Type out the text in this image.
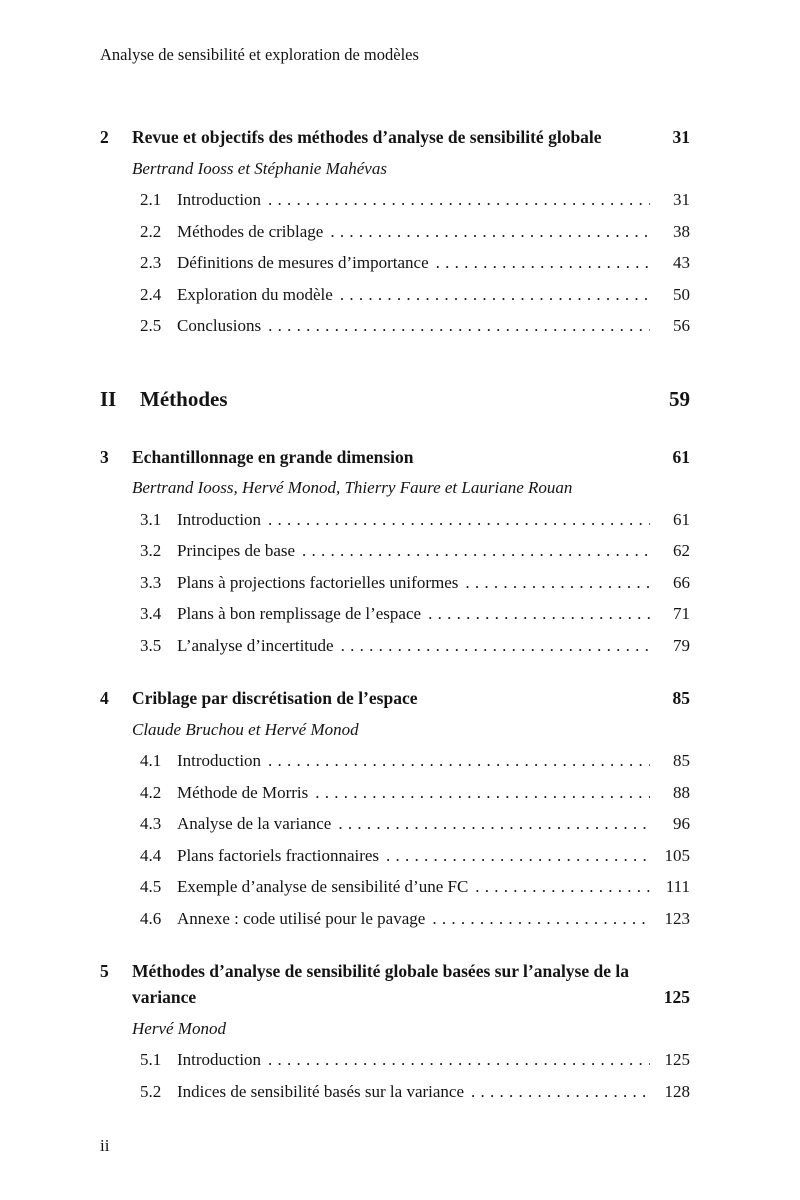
Analyse de sensibilité et exploration de modèles
2	Revue et objectifs des méthodes d’analyse de sensibilité globale	31
Bertrand Iooss et Stéphanie Mahévas
2.1 Introduction . . .	31
2.2 Méthodes de criblage . . .	38
2.3 Définitions de mesures d’importance . . .	43
2.4 Exploration du modèle . . .	50
2.5 Conclusions . . .	56
II	Méthodes	59
3	Echantillonnage en grande dimension	61
Bertrand Iooss, Hervé Monod, Thierry Faure et Lauriane Rouan
3.1 Introduction . . .	61
3.2 Principes de base . . .	62
3.3 Plans à projections factorielles uniformes . . .	66
3.4 Plans à bon remplissage de l’espace . . .	71
3.5 L’analyse d’incertitude . . .	79
4	Criblage par discrétisation de l’espace	85
Claude Bruchou et Hervé Monod
4.1 Introduction . . .	85
4.2 Méthode de Morris . . .	88
4.3 Analyse de la variance . . .	96
4.4 Plans factoriels fractionnaires . . .	105
4.5 Exemple d’analyse de sensibilité d’une FC . . .	111
4.6 Annexe : code utilisé pour le pavage . . .	123
5	Méthodes d’analyse de sensibilité globale basées sur l’analyse de la variance	125
Hervé Monod
5.1 Introduction . . .	125
5.2 Indices de sensibilité basés sur la variance . . .	128
ii
